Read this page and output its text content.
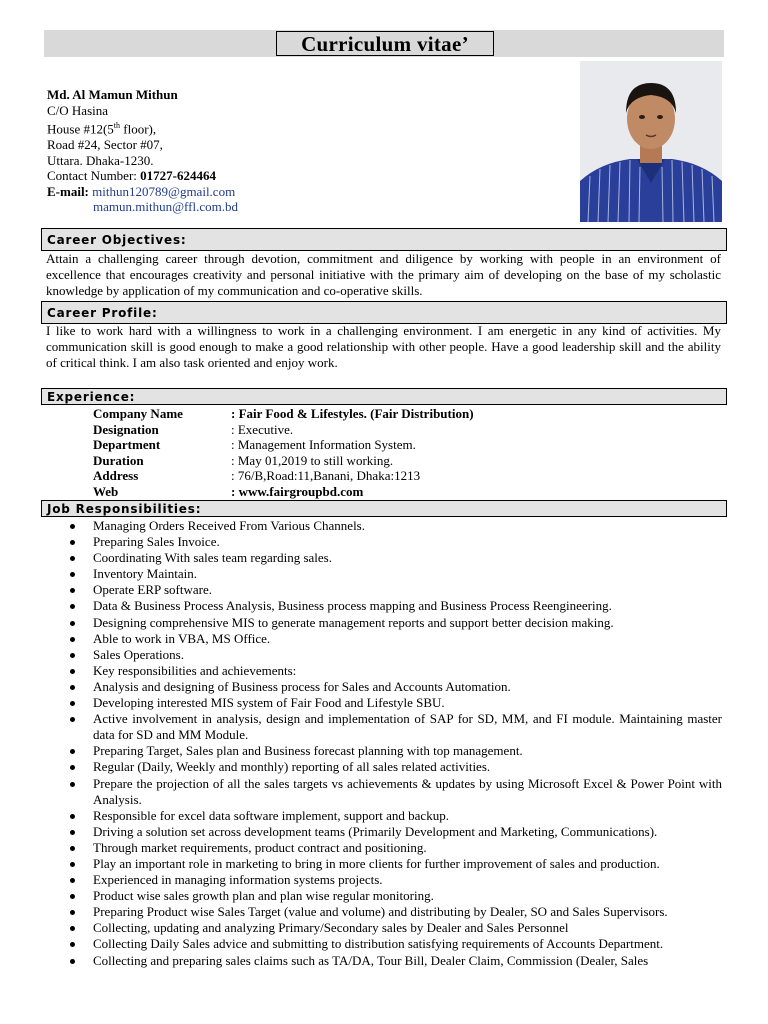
Curriculum vitae’
Md. Al Mamun Mithun
C/O Hasina
House #12(5th floor),
Road #24, Sector #07,
Uttara. Dhaka-1230.
Contact Number: 01727-624464
E-mail: mithun120789@gmail.com
mamun.mithun@ffl.com.bd
Career Objectives:
Attain a challenging career through devotion, commitment and diligence by working with people in an environment of excellence that encourages creativity and personal initiative with the primary aim of developing on the base of my scholastic knowledge by application of my communication and co-operative skills.
Career Profile:
I like to work hard with a willingness to work in a challenging environment. I am energetic in any kind of activities. My communication skill is good enough to make a good relationship with other people. Have a good leadership skill and the ability of critical think. I am also task oriented and enjoy work.
Experience:
Company Name	: Fair Food & Lifestyles. (Fair Distribution)
Designation	: Executive.
Department	: Management Information System.
Duration	: May 01,2019 to still working.
Address	: 76/B,Road:11,Banani, Dhaka:1213
Web	: www.fairgroupbd.com
Job Responsibilities:
Managing Orders Received From Various Channels.
Preparing Sales Invoice.
Coordinating With sales team regarding sales.
Inventory Maintain.
Operate ERP software.
Data & Business Process Analysis, Business process mapping and Business Process Reengineering.
Designing comprehensive MIS to generate management reports and support better decision making.
Able to work in VBA, MS Office.
Sales Operations.
Key responsibilities and achievements:
Analysis and designing of Business process for Sales and Accounts Automation.
Developing interested MIS system of Fair Food and Lifestyle SBU.
Active involvement in analysis, design and implementation of SAP for SD, MM, and FI module. Maintaining master data for SD and MM Module.
Preparing Target, Sales plan and Business forecast planning with top management.
Regular (Daily, Weekly and monthly) reporting of all sales related activities.
Prepare the projection of all the sales targets vs achievements & updates by using Microsoft Excel & Power Point with Analysis.
Responsible for excel data software implement, support and backup.
Driving a solution set across development teams (Primarily Development and Marketing, Communications).
Through market requirements, product contract and positioning.
Play an important role in marketing to bring in more clients for further improvement of sales and production.
Experienced in managing information systems projects.
Product wise sales growth plan and plan wise regular monitoring.
Preparing Product wise Sales Target (value and volume) and distributing by Dealer, SO and Sales Supervisors.
Collecting, updating and analyzing Primary/Secondary sales by Dealer and Sales Personnel
Collecting Daily Sales advice and submitting to distribution satisfying requirements of Accounts Department.
Collecting and preparing sales claims such as TA/DA, Tour Bill, Dealer Claim, Commission (Dealer, Sales
